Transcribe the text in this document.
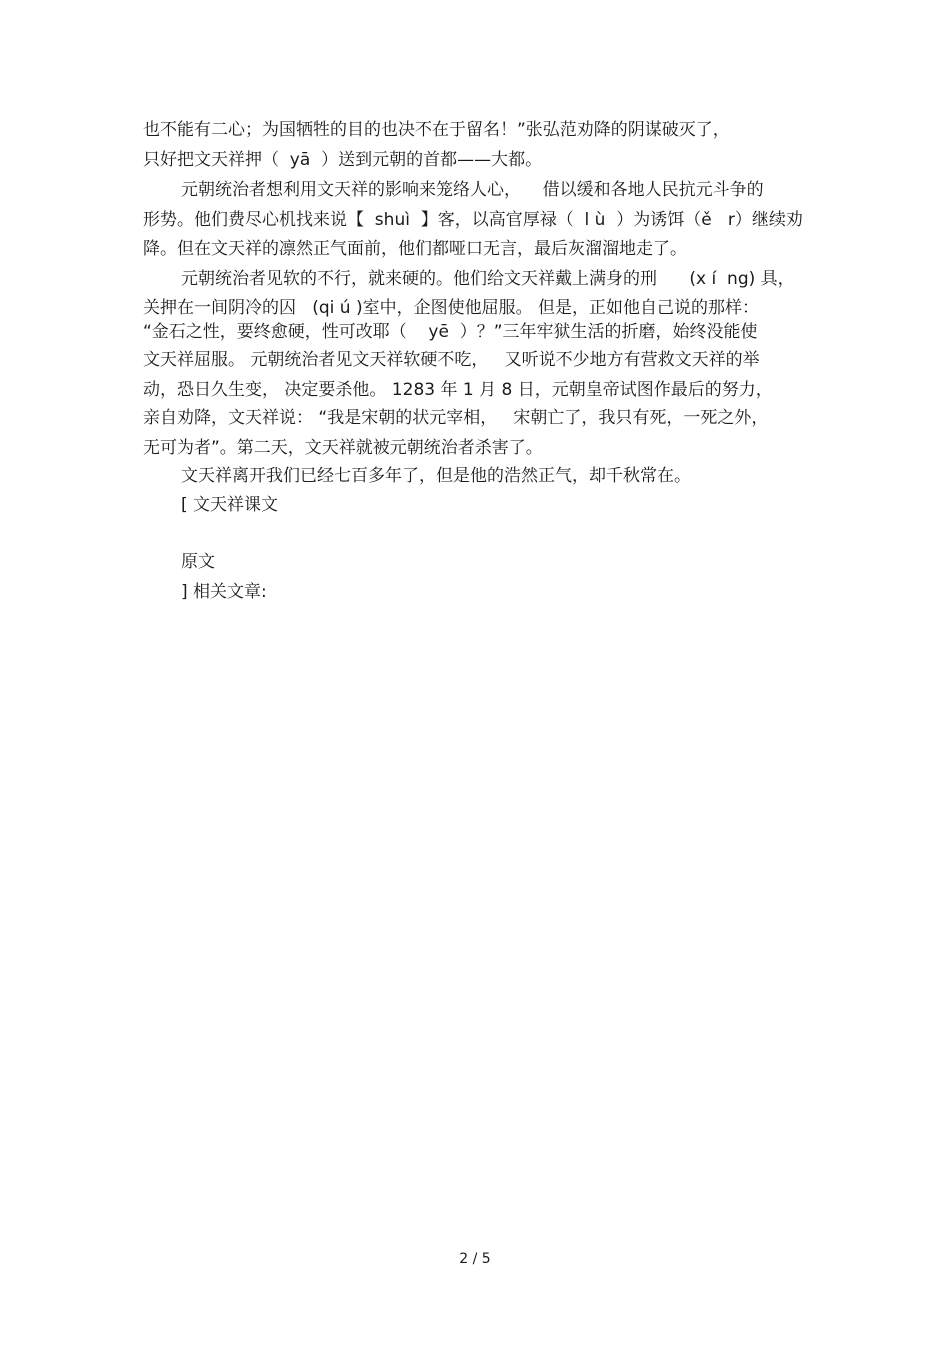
也不能有二心；为国牺牲的目的也决不在于留名！”张弘范劝降的阴谋破灭了，
只好把文天祥押（  yā  ）送到元朝的首都——大都。
元朝统治者想利用文天祥的影响来笼络人心，    借以缓和各地人民抗元斗争的
形势。他们费尽心机找来说【  shuì  】客，以高官厚禄（  l ù  ）为诱饵（ě   r）继续劝
降。但在文天祥的凛然正气面前，他们都哑口无言，最后灰溜溜地走了。
元朝统治者见软的不行，就来硬的。他们给文天祥戴上满身的刑      (x í  ng) 具，
关押在一间阴冷的囚   (qi ú )室中，企图使他屈服。 但是，正如他自己说的那样：
“金石之性，要终愈硬，性可改耶（    yē  ）？”三年牢狱生活的折磨，始终没能使
文天祥屈服。 元朝统治者见文天祥软硬不吃，   又听说不少地方有营救文天祥的举
动，恐日久生变， 决定要杀他。 1283 年 1 月 8 日，元朝皇帝试图作最后的努力，
亲自劝降，文天祥说： “我是宋朝的状元宰相，   宋朝亡了，我只有死，一死之外，
无可为者”。第二天，文天祥就被元朝统治者杀害了。
文天祥离开我们已经七百多年了，但是他的浩然正气，却千秋常在。
[ 文天祥课文
原文
] 相关文章:
2 / 5
